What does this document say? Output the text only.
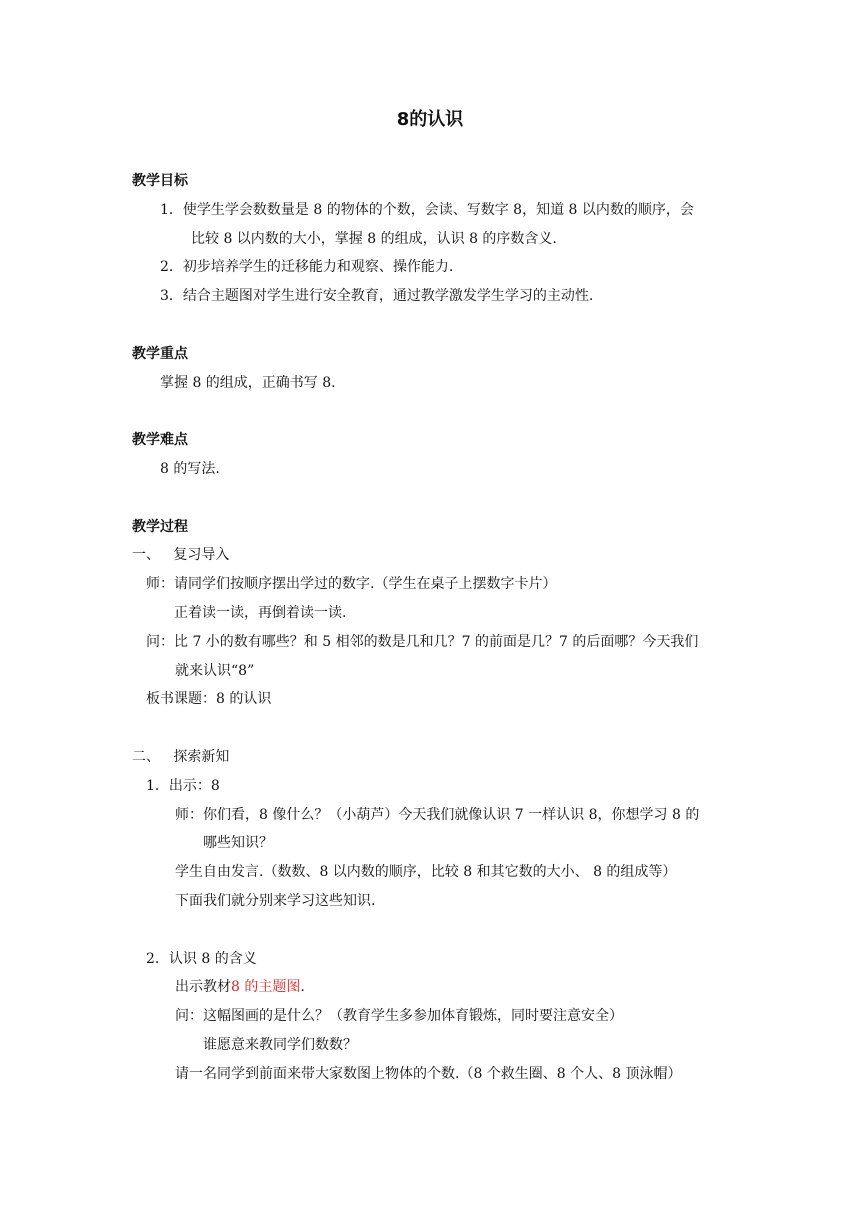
8的认识
教学目标
1．使学生学会数数量是 8 的物体的个数，会读、写数字 8，知道 8 以内数的顺序，会
比较 8 以内数的大小，掌握 8 的组成，认识 8 的序数含义.
2．初步培养学生的迁移能力和观察、操作能力.
3．结合主题图对学生进行安全教育，通过教学激发学生学习的主动性.
教学重点
掌握 8 的组成，正确书写 8.
教学难点
8 的写法.
教学过程
一、   复习导入
师：请同学们按顺序摆出学过的数字.（学生在桌子上摆数字卡片）
正着读一读，再倒着读一读.
问：比 7 小的数有哪些？和 5 相邻的数是几和几？7 的前面是几？7 的后面哪？今天我们
就来认识“8”
板书课题：8 的认识
二、   探索新知
1．出示：8
师：你们看，8 像什么？（小葫芦）今天我们就像认识 7 一样认识 8，你想学习 8 的
哪些知识？
学生自由发言.（数数、8 以内数的顺序，比较 8 和其它数的大小、 8 的组成等）
下面我们就分别来学习这些知识.
2．认识 8 的含义
出示教材8 的主题图.
问：这幅图画的是什么？（教育学生多参加体育锻炼，同时要注意安全）
谁愿意来教同学们数数？
请一名同学到前面来带大家数图上物体的个数.（8 个救生圈、8 个人、8 顶泳帽）
